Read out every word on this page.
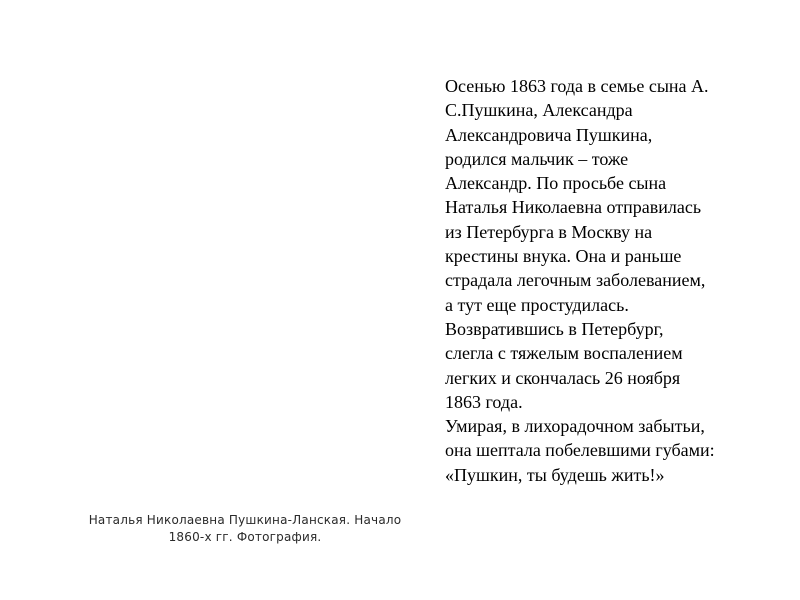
Наталья Николаевна Пушкина-Ланская. Начало
1860-х гг. Фотография.
Осенью 1863 года в семье сына А.
С.Пушкина, Александра
Александровича Пушкина,
родился мальчик – тоже
Александр. По просьбе сына
Наталья Николаевна отправилась
из Петербурга в Москву на
крестины внука. Она и раньше
страдала легочным заболеванием,
а тут еще простудилась.
Возвратившись в Петербург,
слегла с тяжелым воспалением
легких и скончалась 26 ноября
1863 года.
Умирая, в лихорадочном забытьи,
она шептала побелевшими губами:
«Пушкин, ты будешь жить!»
